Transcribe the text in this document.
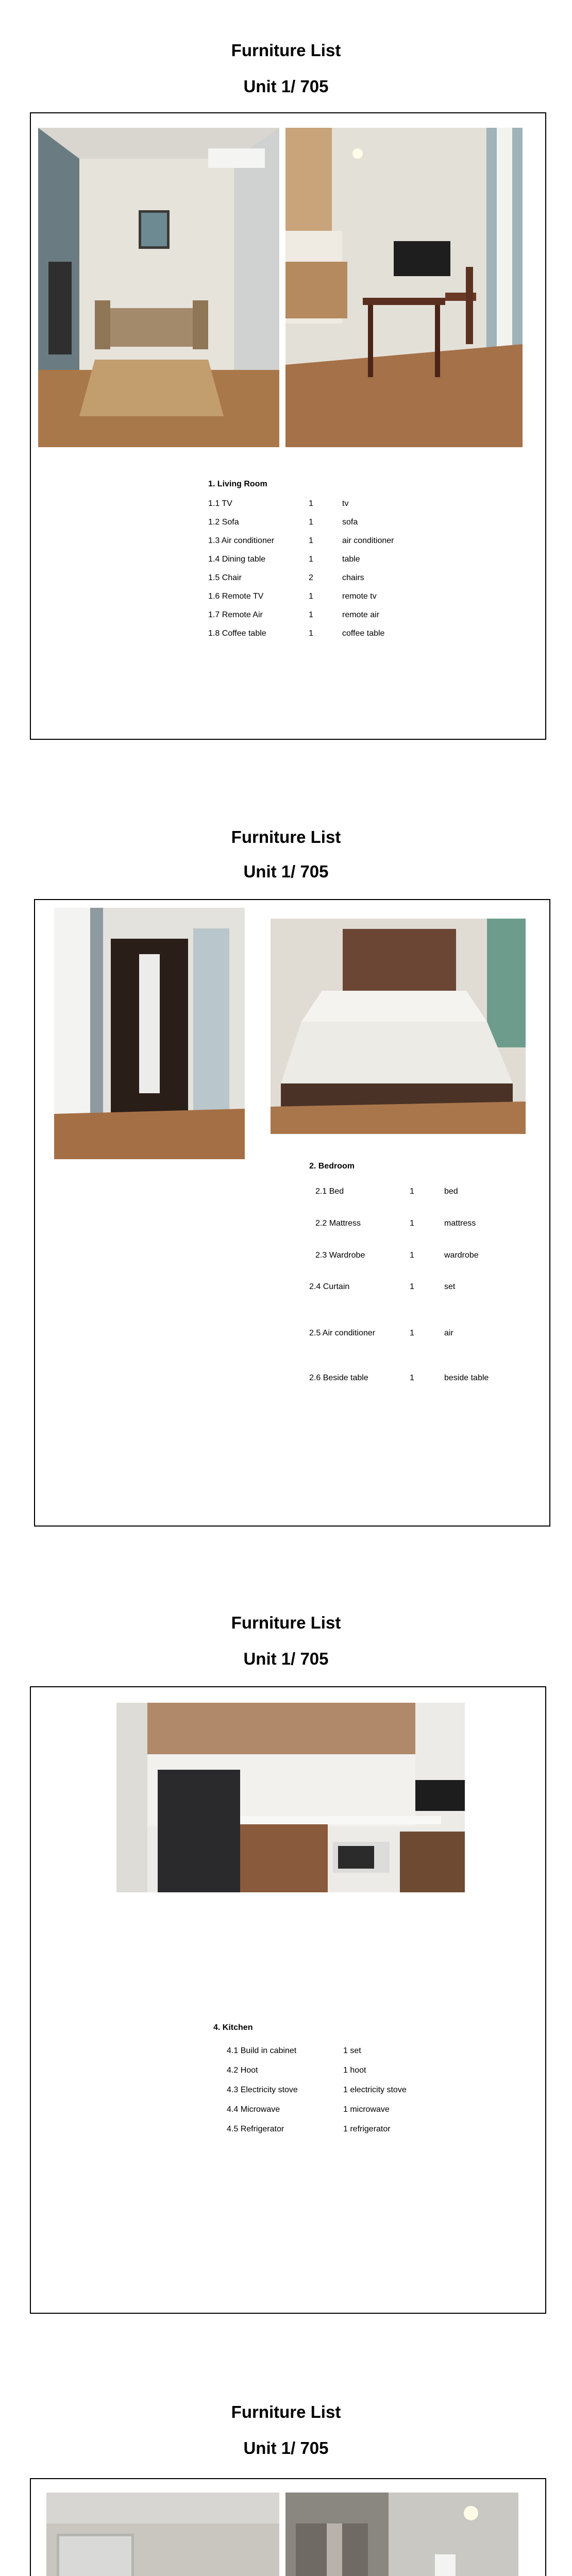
Furniture List
Unit 1/ 705
1. Living Room
1.1 TV	1	tv
1.2 Sofa	1	sofa
1.3 Air conditioner	1	air conditioner
1.4 Dining table	1	table
1.5 Chair	2	chairs
1.6 Remote TV	1	remote tv
1.7 Remote Air	1	remote air
1.8 Coffee table	1	coffee table
Furniture List
Unit 1/ 705
2. Bedroom
2.1 Bed	1	bed
2.2 Mattress	1	mattress
2.3 Wardrobe	1	wardrobe
2.4 Curtain	1	set
2.5 Air conditioner	1	air
2.6 Beside table	1	beside table
Furniture List
Unit 1/ 705
4. Kitchen
4.1 Build in cabinet	1 set
4.2 Hoot	1 hoot
4.3 Electricity stove	1 electricity stove
4.4 Microwave	1 microwave
4.5 Refrigerator	1 refrigerator
Furniture List
Unit 1/ 705
